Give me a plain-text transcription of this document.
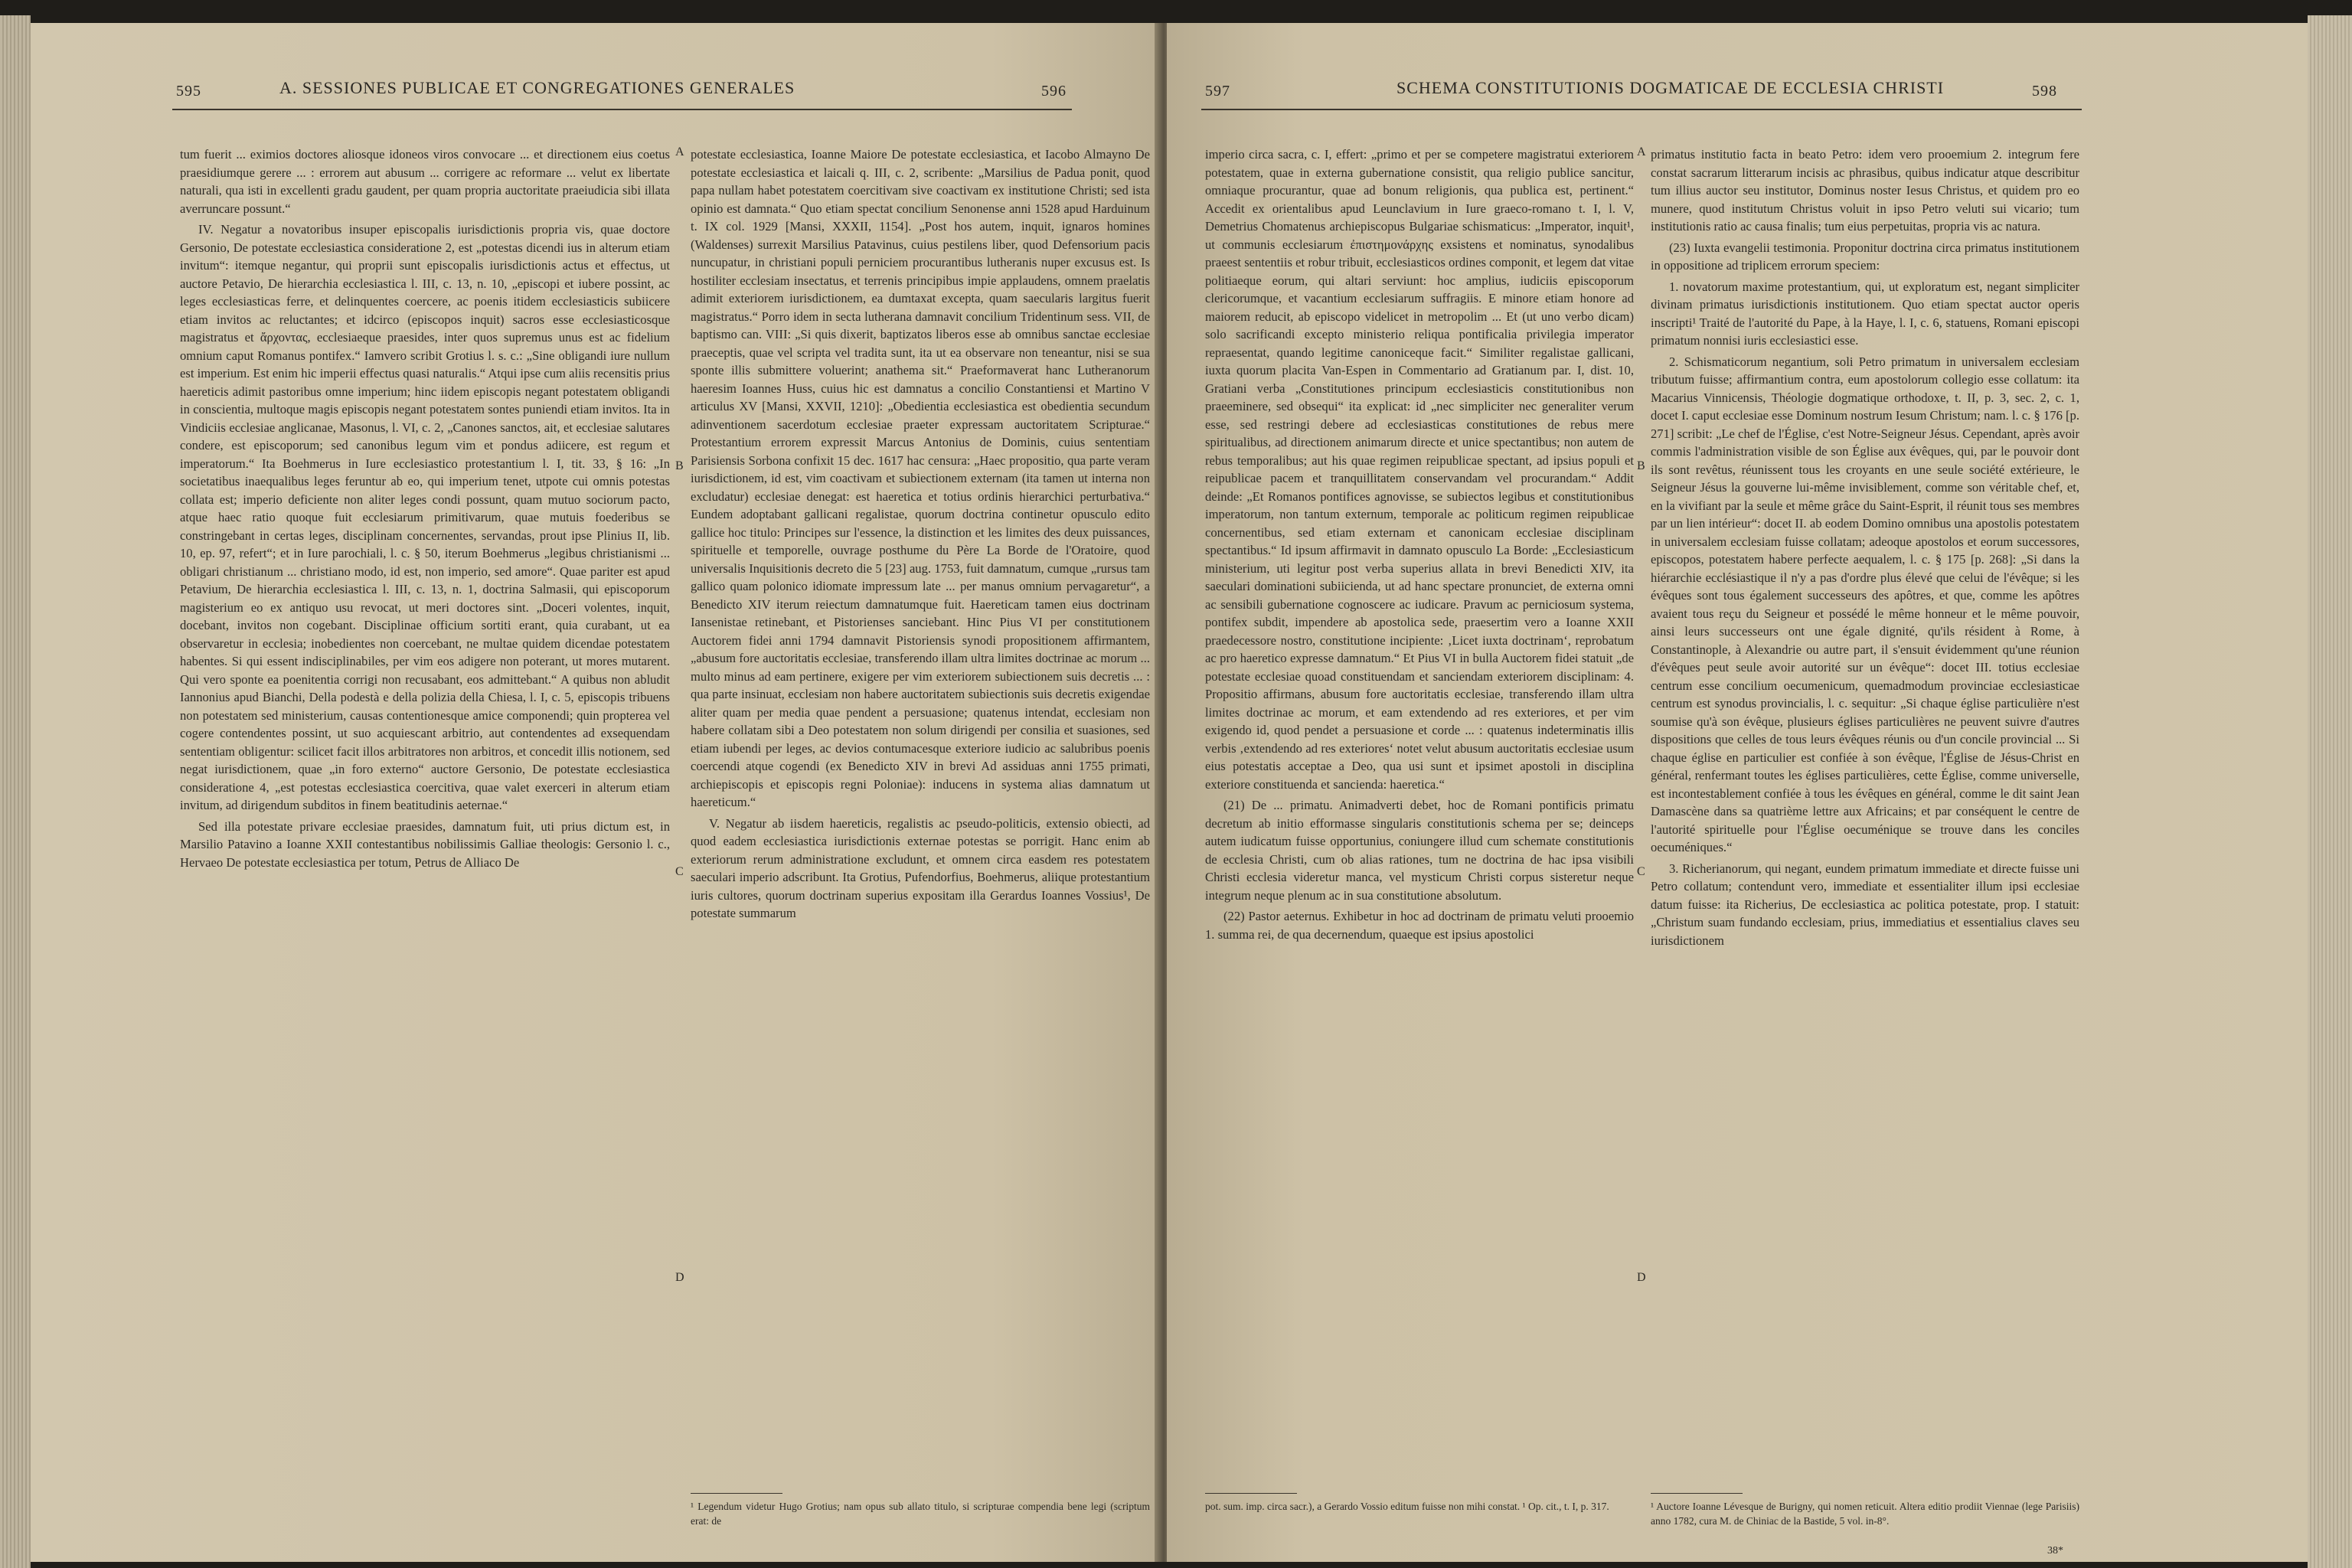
595	A. SESSIONES PUBLICAE ET CONGREGATIONES GENERALES	596

tum fuerit ... eximios doctores aliosque idoneos viros convocare ... et directionem eius coetus praesidiumque gerere ... : errorem aut abusum ... corrigere ac reformare ... velut ex libertate naturali, qua isti in excellenti gradu gaudent, per quam propria auctoritate praeiudicia sibi illata averruncare possunt.“

IV. Negatur a novatoribus insuper episcopalis iurisdictionis propria vis, quae doctore Gersonio, De potestate ecclesiastica consideratione 2, est „potestas dicendi ius in alterum etiam invitum“: itemque negantur, qui proprii sunt episcopalis iurisdictionis actus et effectus, ut auctore Petavio, De hierarchia ecclesiastica l. III, c. 13, n. 10, „episcopi et iubere possint, ac leges ecclesiasticas ferre, et delinquentes coercere, ac poenis itidem ecclesiasticis subiicere etiam invitos ac reluctantes; et idcirco (episcopos inquit) sacros esse ecclesiasticosque magistratus et ἄρχοντας, ecclesiaeque praesides, inter quos supremus unus est ac fidelium omnium caput Romanus pontifex.“ Iamvero scribit Grotius l. s. c.: „Sine obligandi iure nullum est imperium. Est enim hic imperii effectus quasi naturalis.“ Atqui ipse cum aliis recensitis prius haereticis adimit pastoribus omne imperium; hinc iidem episcopis negant potestatem obligandi in conscientia, multoque magis episcopis negant potestatem sontes puniendi etiam invitos. Ita in Vindiciis ecclesiae anglicanae, Masonus, l. VI, c. 2, „Canones sanctos, ait, et ecclesiae salutares condere, est episcoporum; sed canonibus legum vim et pondus adiicere, est regum et imperatorum.“ Ita Boehmerus in Iure ecclesiastico protestantium l. I, tit. 33, § 16: „In societatibus inaequalibus leges feruntur ab eo, qui imperium tenet, utpote cui omnis potestas collata est; imperio deficiente non aliter leges condi possunt, quam mutuo sociorum pacto, atque haec ratio quoque fuit ecclesiarum primitivarum, quae mutuis foederibus se constringebant in certas leges, disciplinam concernentes, servandas, prout ipse Plinius II, lib. 10, ep. 97, refert“; et in Iure parochiali, l. c. § 50, iterum Boehmerus „legibus christianismi ... obligari christianum ... christiano modo, id est, non imperio, sed amore“. Quae pariter est apud Petavium, De hierarchia ecclesiastica l. III, c. 13, n. 1, doctrina Salmasii, qui episcoporum magisterium eo ex antiquo usu revocat, ut meri doctores sint. „Doceri volentes, inquit, docebant, invitos non cogebant. Disciplinae officium sortiti erant, quia curabant, ut ea observaretur in ecclesia; inobedientes non coercebant, ne multae quidem dicendae potestatem habentes. Si qui essent indisciplinabiles, per vim eos adigere non poterant, ut mores mutarent. Qui vero sponte ea poenitentia corrigi non recusabant, eos admittebant.“ A quibus non abludit Iannonius apud Bianchi, Della podestà e della polizia della Chiesa, l. I, c. 5, episcopis tribuens non potestatem sed ministerium, causas contentionesque amice componendi; quin propterea vel cogere contendentes possint, ut suo acquiescant arbitrio, aut contendentes ad exsequendam sententiam obligentur: scilicet facit illos arbitratores non arbitros, et concedit illis notionem, sed negat iurisdictionem, quae „in foro externo“ auctore Gersonio, De potestate ecclesiastica consideratione 4, „est potestas ecclesiastica coercitiva, quae valet exerceri in alterum etiam invitum, ad dirigendum subditos in finem beatitudinis aeternae.“

Sed illa potestate privare ecclesiae praesides, damnatum fuit, uti prius dictum est, in Marsilio Patavino a Ioanne XXII contestantibus nobilissimis Galliae theologis: Gersonio l. c., Hervaeo De potestate ecclesiastica per totum, Petrus de Alliaco De

A
B
C
D

potestate ecclesiastica, Ioanne Maiore De potestate ecclesiastica, et Iacobo Almayno De potestate ecclesiastica et laicali q. III, c. 2, scribente: „Marsilius de Padua ponit, quod papa nullam habet potestatem coercitivam sive coactivam ex institutione Christi; sed ista opinio est damnata.“ Quo etiam spectat concilium Senonense anni 1528 apud Harduinum t. IX col. 1929 [Mansi, XXXII, 1154]. „Post hos autem, inquit, ignaros homines (Waldenses) surrexit Marsilius Patavinus, cuius pestilens liber, quod Defensorium pacis nuncupatur, in christiani populi perniciem procurantibus lutheranis nuper excusus est. Is hostiliter ecclesiam insectatus, et terrenis principibus impie applaudens, omnem praelatis adimit exteriorem iurisdictionem, ea dumtaxat excepta, quam saecularis largitus fuerit magistratus.“ Porro idem in secta lutherana damnavit concilium Tridentinum sess. VII, de baptismo can. VIII: „Si quis dixerit, baptizatos liberos esse ab omnibus sanctae ecclesiae praeceptis, quae vel scripta vel tradita sunt, ita ut ea observare non teneantur, nisi se sua sponte illis submittere voluerint; anathema sit.“ Praeformaverat hanc Lutheranorum haeresim Ioannes Huss, cuius hic est damnatus a concilio Constantiensi et Martino V articulus XV [Mansi, XXVII, 1210]: „Obedientia ecclesiastica est obedientia secundum adinventionem sacerdotum ecclesiae praeter expressam auctoritatem Scripturae.“ Protestantium errorem expressit Marcus Antonius de Dominis, cuius sententiam Parisiensis Sorbona confixit 15 dec. 1617 hac censura: „Haec propositio, qua parte veram iurisdictionem, id est, vim coactivam et subiectionem externam (ita tamen ut interna non excludatur) ecclesiae denegat: est haeretica et totius ordinis hierarchici perturbativa.“ Eundem adoptabant gallicani regalistae, quorum doctrina continetur opusculo edito gallice hoc titulo: Principes sur l'essence, la distinction et les limites des deux puissances, spirituelle et temporelle, ouvrage posthume du Père La Borde de l'Oratoire, quod universalis Inquisitionis decreto die 5 [23] aug. 1753, fuit damnatum, cumque „rursus tam gallico quam polonico idiomate impressum late ... per manus omnium pervagaretur“, a Benedicto XIV iterum reiectum damnatumque fuit. Haereticam tamen eius doctrinam Iansenistae retinebant, et Pistorienses sanciebant. Hinc Pius VI per constitutionem Auctorem fidei anni 1794 damnavit Pistoriensis synodi propositionem affirmantem, „abusum fore auctoritatis ecclesiae, transferendo illam ultra limites doctrinae ac morum ... multo minus ad eam pertinere, exigere per vim exteriorem subiectionem suis decretis ... : qua parte insinuat, ecclesiam non habere auctoritatem subiectionis suis decretis exigendae aliter quam per media quae pendent a persuasione; quatenus intendat, ecclesiam non habere collatam sibi a Deo potestatem non solum dirigendi per consilia et suasiones, sed etiam iubendi per leges, ac devios contumacesque exteriore iudicio ac salubribus poenis coercendi atque cogendi (ex Benedicto XIV in brevi Ad assiduas anni 1755 primati, archiepiscopis et episcopis regni Poloniae): inducens in systema alias damnatum ut haereticum.“

V. Negatur ab iisdem haereticis, regalistis ac pseudo-politicis, extensio obiecti, ad quod eadem ecclesiastica iurisdictionis externae potestas se porrigit. Hanc enim ab exteriorum rerum administratione excludunt, et omnem circa easdem res potestatem saeculari imperio adscribunt. Ita Grotius, Pufendorfius, Boehmerus, aliique protestantium iuris cultores, quorum doctrinam superius expositam illa Gerardus Ioannes Vossius¹, De potestate summarum

¹ Legendum videtur Hugo Grotius; nam opus sub allato titulo, si scripturae compendia bene legi (scriptum erat: de
597	SCHEMA CONSTITUTIONIS DOGMATICAE DE ECCLESIA CHRISTI	598

imperio circa sacra, c. I, effert: „primo et per se competere magistratui exteriorem potestatem, quae in externa gubernatione consistit, qua religio publice sancitur, omniaque procurantur, quae ad bonum religionis, qua publica est, pertinent.“ Accedit ex orientalibus apud Leunclavium in Iure graeco-romano t. I, l. V, Demetrius Chomatenus archiepiscopus Bulgariae schismaticus: „Imperator, inquit¹, ut communis ecclesiarum ἐπιστημονάρχης exsistens et nominatus, synodalibus praeest sententiis et robur tribuit, ecclesiasticos ordines componit, et legem dat vitae politiaeque eorum, qui altari serviunt: hoc amplius, iudiciis episcoporum clericorumque, et vacantium ecclesiarum suffragiis. E minore etiam honore ad maiorem reducit, ab episcopo videlicet in metropolim ... Et (ut uno verbo dicam) solo sacrificandi excepto ministerio reliqua pontificalia privilegia imperator repraesentat, quando legitime canoniceque facit.“ Similiter regalistae gallicani, iuxta quorum placita Van-Espen in Commentario ad Gratianum par. I, dist. 10, Gratiani verba „Constitutiones principum ecclesiasticis constitutionibus non praeeminere, sed obsequi“ ita explicat: id „nec simpliciter nec generaliter verum esse, sed restringi debere ad ecclesiasticas constitutiones de rebus mere spiritualibus, ad directionem animarum directe et unice spectantibus; non autem de rebus temporalibus; aut his quae regimen reipublicae spectant, ad ipsius populi et reipublicae pacem et tranquillitatem conservandam vel procurandam.“ Addit deinde: „Et Romanos pontifices agnovisse, se subiectos legibus et constitutionibus imperatorum, non tantum externum, temporale ac politicum regimen reipublicae concernentibus, sed etiam externam et canonicam ecclesiae disciplinam spectantibus.“ Id ipsum affirmavit in damnato opusculo La Borde: „Ecclesiasticum ministerium, uti legitur post verba superius allata in brevi Benedicti XIV, ita saeculari dominationi subiicienda, ut ad hanc spectare pronunciet, de externa omni ac sensibili gubernatione cognoscere ac iudicare. Pravum ac perniciosum systema, pontifex subdit, impendere ab apostolica sede, praesertim vero a Ioanne XXII praedecessore nostro, constitutione incipiente: ‚Licet iuxta doctrinam‘, reprobatum ac pro haeretico expresse damnatum.“ Et Pius VI in bulla Auctorem fidei statuit „de potestate ecclesiae quoad constituendam et sanciendam exteriorem disciplinam: 4. Propositio affirmans, abusum fore auctoritatis ecclesiae, transferendo illam ultra limites doctrinae ac morum, et eam extendendo ad res exteriores, et per vim exigendo id, quod pendet a persuasione et corde ... : quatenus indeterminatis illis verbis ‚extendendo ad res exteriores‘ notet velut abusum auctoritatis ecclesiae usum eius potestatis acceptae a Deo, qua usi sunt et ipsimet apostoli in disciplina exteriore constituenda et sancienda: haeretica.“

(21) De ... primatu. Animadverti debet, hoc de Romani pontificis primatu decretum ab initio efformasse singularis constitutionis schema per se; deinceps autem iudicatum fuisse opportunius, coniungere illud cum schemate constitutionis de ecclesia Christi, cum ob alias rationes, tum ne doctrina de hac ipsa visibili Christi ecclesia videretur manca, vel mysticum Christi corpus sisteretur neque integrum neque plenum ac in sua constitutione absolutum.

(22) Pastor aeternus. Exhibetur in hoc ad doctrinam de primatu veluti prooemio 1. summa rei, de qua decernendum, quaeque est ipsius apostolici

A
B
C
D

primatus institutio facta in beato Petro: idem vero prooemium 2. integrum fere constat sacrarum litterarum incisis ac phrasibus, quibus indicatur atque describitur tum illius auctor seu institutor, Dominus noster Iesus Christus, et quidem pro eo munere, quod institutum Christus voluit in ipso Petro veluti sui vicario; tum institutionis ratio ac causa finalis; tum eius perpetuitas, propria vis ac natura.

(23) Iuxta evangelii testimonia. Proponitur doctrina circa primatus institutionem in oppositione ad triplicem errorum speciem:

1. novatorum maxime protestantium, qui, ut exploratum est, negant simpliciter divinam primatus iurisdictionis institutionem. Quo etiam spectat auctor operis inscripti¹ Traité de l'autorité du Pape, à la Haye, l. I, c. 6, statuens, Romani episcopi primatum nonnisi iuris ecclesiastici esse.

2. Schismaticorum negantium, soli Petro primatum in universalem ecclesiam tributum fuisse; affirmantium contra, eum apostolorum collegio esse collatum: ita Macarius Vinnicensis, Théologie dogmatique orthodoxe, t. II, p. 3, sec. 2, c. 1, docet I. caput ecclesiae esse Dominum nostrum Iesum Christum; nam. l. c. § 176 [p. 271] scribit: „Le chef de l'Église, c'est Notre-Seigneur Jésus. Cependant, après avoir commis l'administration visible de son Église aux évêques, qui, par le pouvoir dont ils sont revêtus, réunissent tous les croyants en une seule société extérieure, le Seigneur Jésus la gouverne lui-même invisiblement, comme son véritable chef, et, en la vivifiant par la seule et même grâce du Saint-Esprit, il réunit tous ses membres par un lien intérieur“: docet II. ab eodem Domino omnibus una apostolis potestatem in universalem ecclesiam fuisse collatam; adeoque apostolos et eorum successores, episcopos, potestatem habere perfecte aequalem, l. c. § 175 [p. 268]: „Si dans la hiérarchie ecclésiastique il n'y a pas d'ordre plus élevé que celui de l'évêque; si les évêques sont tous également successeurs des apôtres, et que, comme les apôtres avaient tous reçu du Seigneur et possédé le même honneur et le même pouvoir, ainsi leurs successeurs ont une égale dignité, qu'ils résident à Rome, à Constantinople, à Alexandrie ou autre part, il s'ensuit évidemment qu'une réunion d'évêques peut seule avoir autorité sur un évêque“: docet III. totius ecclesiae centrum esse concilium oecumenicum, quemadmodum provinciae ecclesiasticae centrum est synodus provincialis, l. c. sequitur: „Si chaque église particulière n'est soumise qu'à son évêque, plusieurs églises particulières ne peuvent suivre d'autres dispositions que celles de tous leurs évêques réunis ou d'un concile provincial ... Si chaque église en particulier est confiée à son évêque, l'Église de Jésus-Christ en général, renfermant toutes les églises particulières, cette Église, comme universelle, est incontestablement confiée à tous les évêques en général, comme le dit saint Jean Damascène dans sa quatrième lettre aux Africains; et par conséquent le centre de l'autorité spirituelle pour l'Église oecuménique se trouve dans les conciles oecuméniques.“

3. Richerianorum, qui negant, eundem primatum immediate et directe fuisse uni Petro collatum; contendunt vero, immediate et essentialiter illum ipsi ecclesiae datum fuisse: ita Richerius, De ecclesiastica ac politica potestate, prop. I statuit: „Christum suam fundando ecclesiam, prius, immediatius et essentialius claves seu iurisdictionem

pot. sum. imp. circa sacr.), a Gerardo Vossio editum fuisse non mihi constat. ¹ Op. cit., t. I, p. 317.	¹ Auctore Ioanne Lévesque de Burigny, qui nomen reticuit. Altera editio prodiit Viennae (lege Parisiis) anno 1782, cura M. de Chiniac de la Bastide, 5 vol. in-8°.
38*
